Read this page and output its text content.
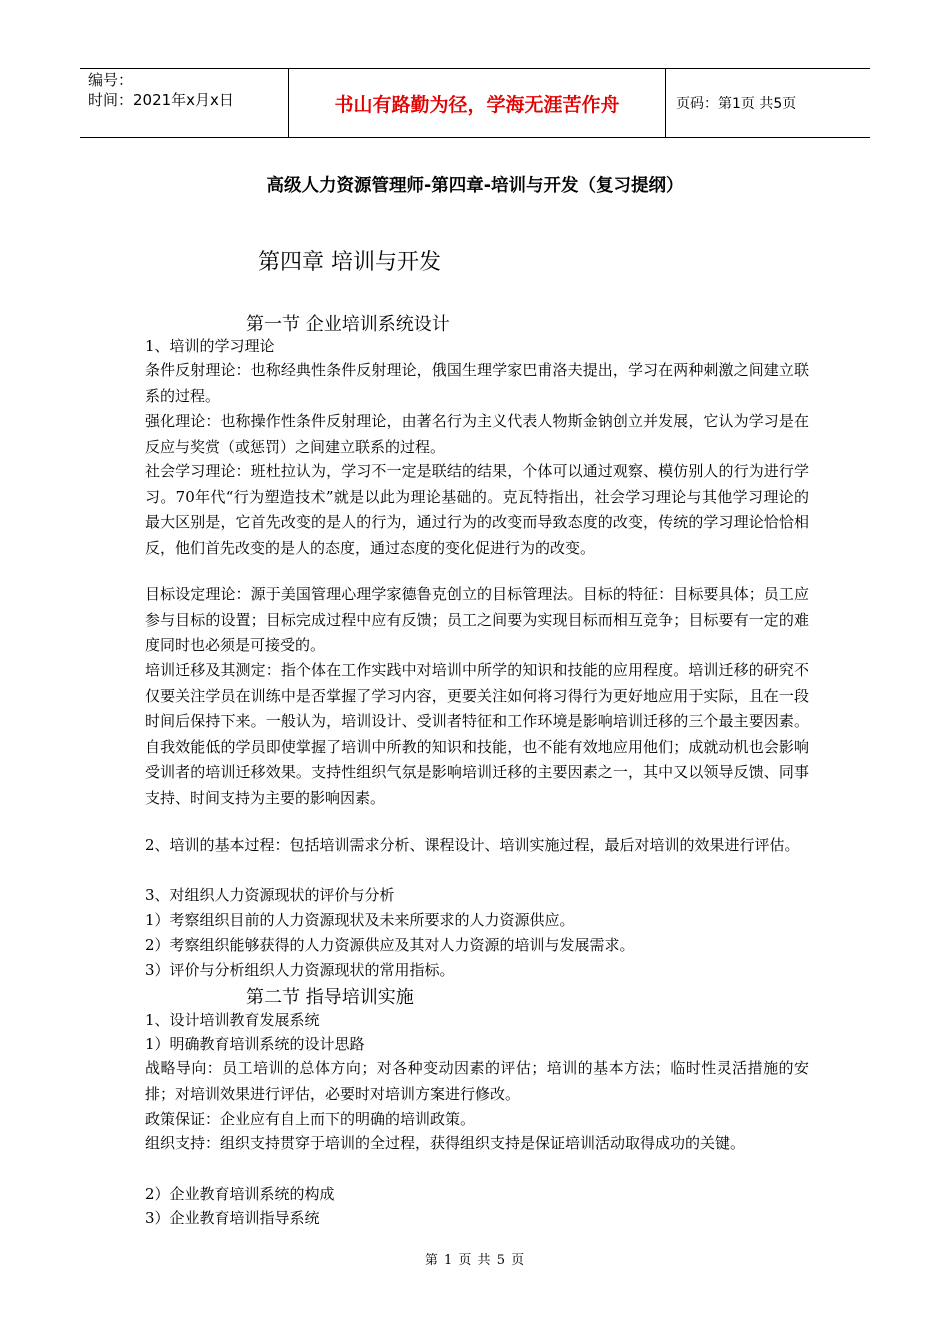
编号：
时间：2021年x月x日	书山有路勤为径，学海无涯苦作舟	页码：第1页 共5页
高级人力资源管理师-第四章-培训与开发（复习提纲）
第四章 培训与开发
第一节 企业培训系统设计
1、培训的学习理论
条件反射理论：也称经典性条件反射理论，俄国生理学家巴甫洛夫提出，学习在两种刺激之间建立联系的过程。
强化理论：也称操作性条件反射理论，由著名行为主义代表人物斯金钠创立并发展，它认为学习是在反应与奖赏（或惩罚）之间建立联系的过程。
社会学习理论：班杜拉认为，学习不一定是联结的结果，个体可以通过观察、模仿别人的行为进行学习。70年代“行为塑造技术”就是以此为理论基础的。克瓦特指出，社会学习理论与其他学习理论的最大区别是，它首先改变的是人的行为，通过行为的改变而导致态度的改变，传统的学习理论恰恰相反，他们首先改变的是人的态度，通过态度的变化促进行为的改变。
目标设定理论：源于美国管理心理学家德鲁克创立的目标管理法。目标的特征：目标要具体；员工应参与目标的设置；目标完成过程中应有反馈；员工之间要为实现目标而相互竞争；目标要有一定的难度同时也必须是可接受的。
培训迁移及其测定：指个体在工作实践中对培训中所学的知识和技能的应用程度。培训迁移的研究不仅要关注学员在训练中是否掌握了学习内容，更要关注如何将习得行为更好地应用于实际，且在一段时间后保持下来。一般认为，培训设计、受训者特征和工作环境是影响培训迁移的三个最主要因素。自我效能低的学员即使掌握了培训中所教的知识和技能，也不能有效地应用他们；成就动机也会影响受训者的培训迁移效果。支持性组织气氛是影响培训迁移的主要因素之一，其中又以领导反馈、同事支持、时间支持为主要的影响因素。
2、培训的基本过程：包括培训需求分析、课程设计、培训实施过程，最后对培训的效果进行评估。
3、对组织人力资源现状的评价与分析
1）考察组织目前的人力资源现状及未来所要求的人力资源供应。
2）考察组织能够获得的人力资源供应及其对人力资源的培训与发展需求。
3）评价与分析组织人力资源现状的常用指标。
第二节 指导培训实施
1、设计培训教育发展系统
1）明确教育培训系统的设计思路
战略导向：员工培训的总体方向；对各种变动因素的评估；培训的基本方法；临时性灵活措施的安排；对培训效果进行评估，必要时对培训方案进行修改。
政策保证：企业应有自上而下的明确的培训政策。
组织支持：组织支持贯穿于培训的全过程，获得组织支持是保证培训活动取得成功的关键。
2）企业教育培训系统的构成
3）企业教育培训指导系统
第 1 页 共 5 页
